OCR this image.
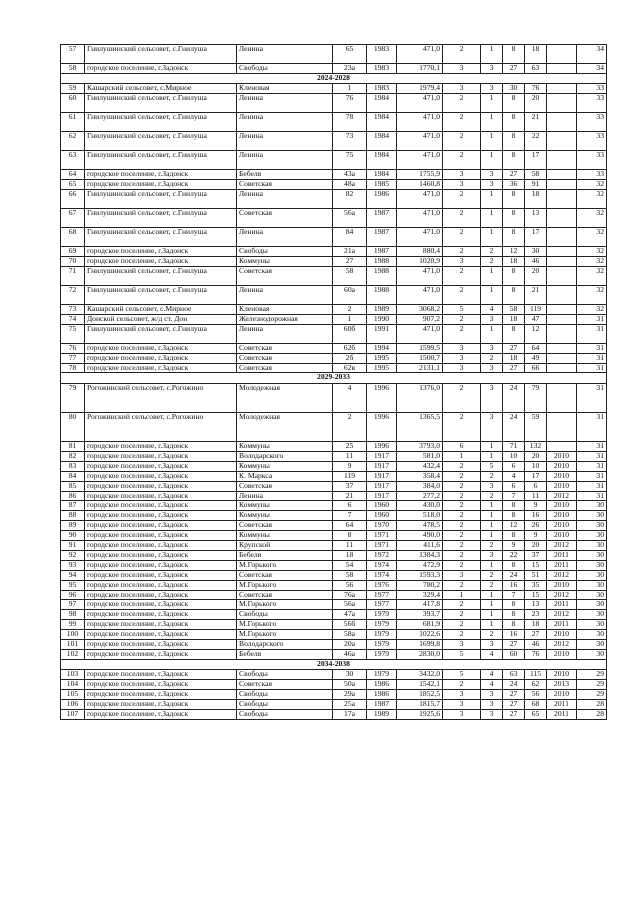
57	Гнилушинский сельсовет, с.Гнилуша	Ленина	65	1983	471,0	2	1	8	18		34
58	городское поселение, г.Задонск	Свободы	23а	1983	1770,1	3	3	27	63		34
2024-2028											
59	Кашарский сельсовет, с.Мирное	Кленовая	1	1983	1979,4	3	3	30	76		33
60	Гнилушинский сельсовет, с.Гнилуша	Ленина	76	1984	471,0	2	1	8	20		33
61	Гнилушинский сельсовет, с.Гнилуша	Ленина	78	1984	471,0	2	1	8	21		33
62	Гнилушинский сельсовет, с.Гнилуша	Ленина	73	1984	471,0	2	1	8	22		33
63	Гнилушинский сельсовет, с.Гнилуша	Ленина	75	1984	471,0	2	1	8	17		33
64	городское поселение, г.Задонск	Бебеля	43а	1984	1755,9	3	3	27	58		33
65	городское поселение, г.Задонск	Советская	48а	1985	1460,8	3	3	36	91		32
66	Гнилушинский сельсовет, с.Гнилуша	Ленина	82	1986	471,0	2	1	8	18		32
67	Гнилушинский сельсовет, с.Гнилуша	Советская	56а	1987	471,0	2	1	8	13		32
68	Гнилушинский сельсовет, с.Гнилуша	Ленина	84	1987	471,0	2	1	8	17		32
69	городское поселение, г.Задонск	Свободы	21а	1987	880,4	2	2	12	30		32
70	городское поселение, г.Задонск	Коммуны	27	1988	1020,9	3	2	18	46		32
71	Гнилушинский сельсовет, с.Гнилуша	Советская	58	1988	471,0	2	1	8	20		32
72	Гнилушинский сельсовет, с.Гнилуша	Ленина	60а	1988	471,0	2	1	8	21		32
73	Кашарский сельсовет, с.Мирное	Кленовая	2	1989	3068,2	5	4	58	119		32
74	Донской сельсовет, ж/д ст. Дон	Железнодорожная	1	1990	907,2	2	3	18	47		31
75	Гнилушинский сельсовет, с.Гнилуша	Ленина	60б	1991	471,0	2	1	8	12		31
76	городское поселение, г.Задонск	Советская	62б	1994	1599,5	3	3	27	64		31
77	городское поселение, г.Задонск	Советская	2б	1995	1500,7	3	2	18	49		31
78	городское поселение, г.Задонск	Советская	62в	1995	2131,1	3	3	27	66		31
2029-2033											
79	Рогожинский сельсовет, с.Рогожино	Молодежная	4	1996	1376,0	2	3	24	79		31
80	Рогожинский сельсовет, с.Рогожино	Молодежная	2	1996	1365,5	2	3	24	59		31
81	городское поселение, г.Задонск	Коммуны	25	1996	3793,0	6	1	71	132		31
82	городское поселение, г.Задонск	Володарского	11	1917	581,0	1	1	10	20	2010	31
83	городское поселение, г.Задонск	Коммуны	9	1917	432,4	2	5	6	10	2010	31
84	городское поселение, г.Задонск	К. Маркса	119	1917	358,4	2	2	4	17	2010	31
85	городское поселение, г.Задонск	Советская	37	1917	384,0	2	3	6	6	2010	31
86	городское поселение, г.Задонск	Ленина	21	1917	277,2	2	2	7	11	2012	31
87	городское поселение, г.Задонск	Коммуны	6	1960	430,0	2	1	8	9	2010	30
88	городское поселение, г.Задонск	Коммуны	7	1960	518,0	2	1	8	16	2010	30
89	городское поселение, г.Задонск	Советская	64	1970	478,5	2	1	12	26	2010	30
90	городское поселение, г.Задонск	Коммуны	8	1971	490,0	2	1	8	9	2010	30
91	городское поселение, г.Задонск	Крупской	11	1971	411,6	2	2	9	20	2012	30
92	городское поселение, г.Задонск	Бебеля	18	1972	1384,3	2	3	22	37	2011	30
93	городское поселение, г.Задонск	М.Горького	54	1974	472,9	2	1	8	15	2011	30
94	городское поселение, г.Задонск	Советская	58	1974	1593,3	3	2	24	51	2012	30
95	городское поселение, г.Задонск	М.Горького	56	1976	780,2	2	2	16	35	2010	30
96	городское поселение, г.Задонск	Советская	76а	1977	329,4	1	1	7	15	2012	30
97	городское поселение, г.Задонск	М.Горького	56а	1977	417,8	2	1	8	13	2011	30
98	городское поселение, г.Задонск	Свободы	47а	1979	393,7	2	1	8	23	2012	30
99	городское поселение, г.Задонск	М.Горького	56б	1979	681,9	2	1	8	18	2011	30
100	городское поселение, г.Задонск	М.Горького	58а	1979	1022,6	2	2	16	27	2010	30
101	городское поселение, г.Задонск	Володарского	20а	1979	1699,8	3	3	27	46	2012	30
102	городское поселение, г.Задонск	Бебеля	46а	1979	2830,0	5	4	60	76	2010	30
2034-2038											
103	городское поселение, г.Задонск	Свободы	30	1979	3432,0	5	4	63	115	2010	29
104	городское поселение, г.Задонск	Советская	50а	1986	1542,1	2	4	24	62	2013	29
105	городское поселение, г.Задонск	Свободы	29а	1986	1852,5	3	3	27	56	2010	29
106	городское поселение, г.Задонск	Свободы	25а	1987	1815,7	3	3	27	68	2011	28
107	городское поселение, г.Задонск	Свободы	17а	1989	1925,6	3	3	27	65	2011	28
